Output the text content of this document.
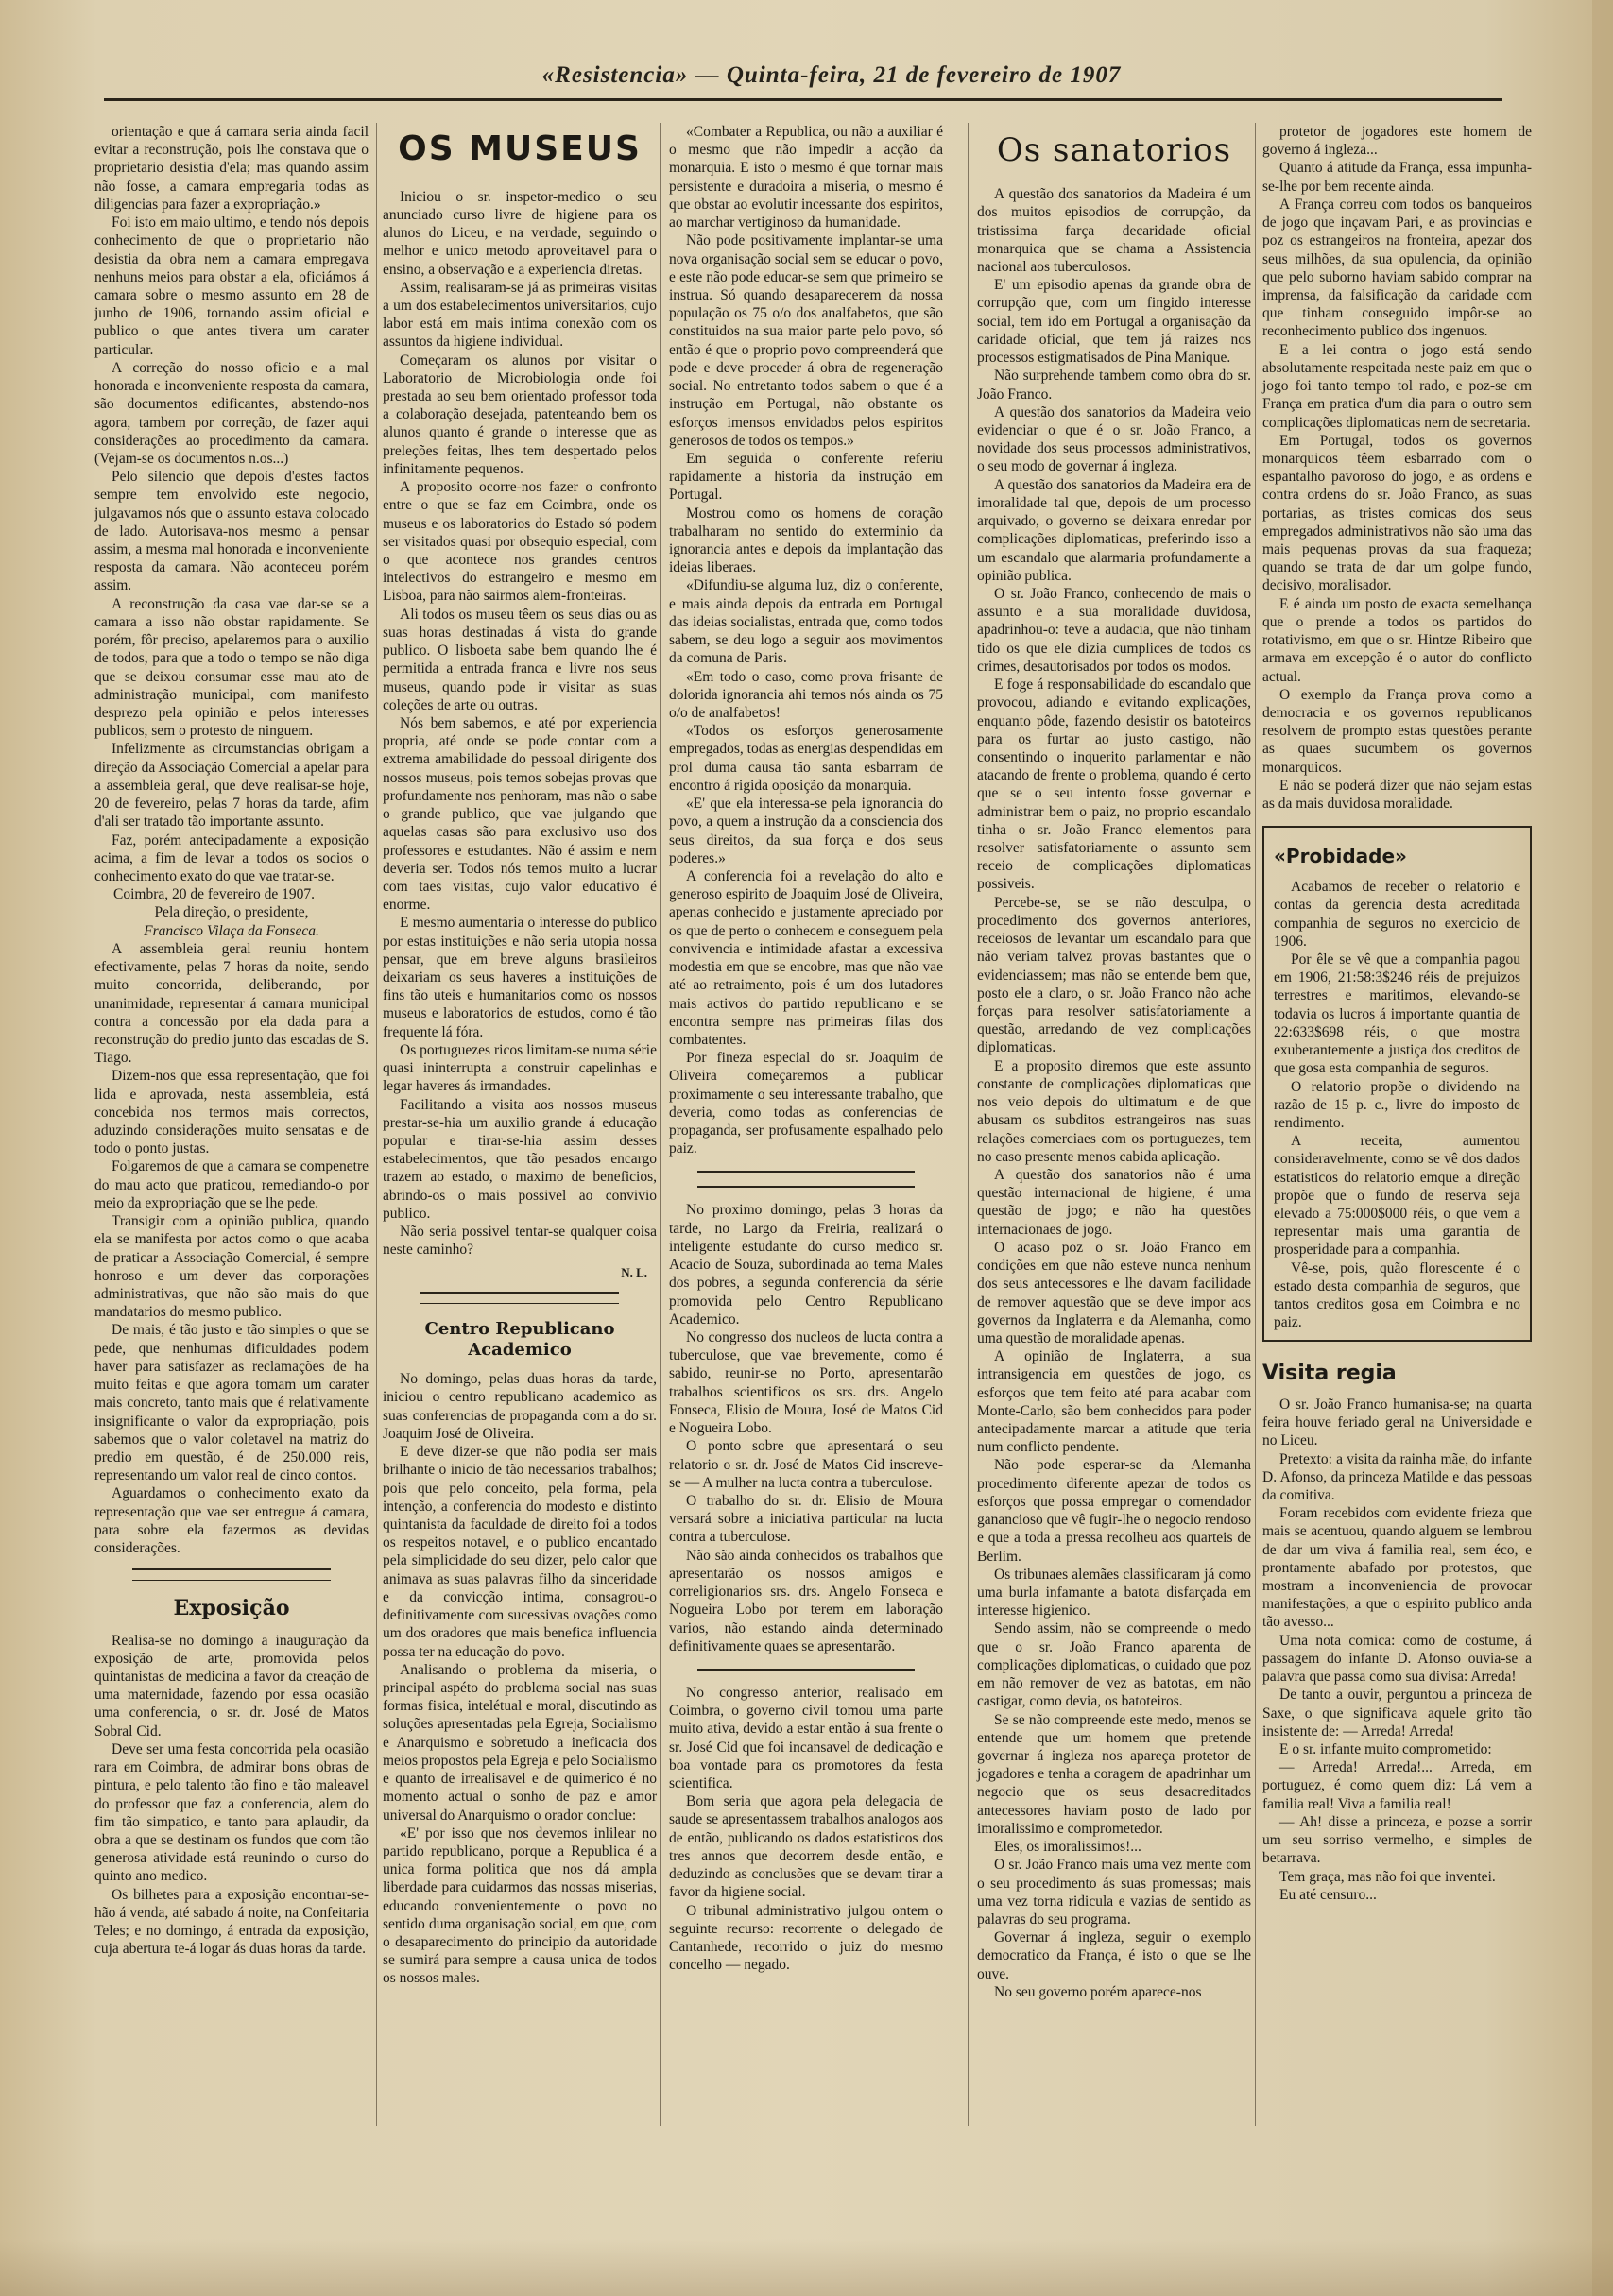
«Resistencia» — Quinta-feira, 21 de fevereiro de 1907

orientação e que á camara seria ainda facil evitar a reconstrução, pois lhe constava que o proprietario desistia d'ela; mas quando assim não fosse, a camara empregaria todas as diligencias para fazer a expropriação.»

Foi isto em maio ultimo, e tendo nós depois conhecimento de que o proprietario não desistia da obra nem a camara empregava nenhuns meios para obstar a ela, oficiámos á camara sobre o mesmo assunto em 28 de junho de 1906, tornando assim oficial e publico o que antes tivera um carater particular.

A correção do nosso oficio e a mal honorada e inconveniente resposta da camara, são documentos edificantes, abstendo-nos agora, tambem por correção, de fazer aqui considerações ao procedimento da camara. (Vejam-se os documentos n.os...)

Pelo silencio que depois d'estes factos sempre tem envolvido este negocio, julgavamos nós que o assunto estava colocado de lado. Autorisava-nos mesmo a pensar assim, a mesma mal honorada e inconveniente resposta da camara. Não aconteceu porém assim.

A reconstrução da casa vae dar-se se a camara a isso não obstar rapidamente. Se porém, fôr preciso, apelaremos para o auxilio de todos, para que a todo o tempo se não diga que se deixou consumar esse mau ato de administração municipal, com manifesto desprezo pela opinião e pelos interesses publicos, sem o protesto de ninguem.

Infelizmente as circumstancias obrigam a direção da Associação Comercial a apelar para a assembleia geral, que deve realisar-se hoje, 20 de fevereiro, pelas 7 horas da tarde, afim d'ali ser tratado tão importante assunto.

Faz, porém antecipadamente a exposição acima, a fim de levar a todos os socios o conhecimento exato do que vae tratar-se.

Coimbra, 20 de fevereiro de 1907.

Pela direção, o presidente,

Francisco Vilaça da Fonseca.

A assembleia geral reuniu hontem efectivamente, pelas 7 horas da noite, sendo muito concorrida, deliberando, por unanimidade, representar á camara municipal contra a concessão por ela dada para a reconstrução do predio junto das escadas de S. Tiago.

Dizem-nos que essa representação, que foi lida e aprovada, nesta assembleia, está concebida nos termos mais correctos, aduzindo considerações muito sensatas e de todo o ponto justas.

Folgaremos de que a camara se compenetre do mau acto que praticou, remediando-o por meio da expropriação que se lhe pede.

Transigir com a opinião publica, quando ela se manifesta por actos como o que acaba de praticar a Associação Comercial, é sempre honroso e um dever das corporações administrativas, que não são mais do que mandatarios do mesmo publico.

De mais, é tão justo e tão simples o que se pede, que nenhumas dificuldades podem haver para satisfazer as reclamações de ha muito feitas e que agora tomam um carater mais concreto, tanto mais que é relativamente insignificante o valor da expropriação, pois sabemos que o valor coletavel na matriz do predio em questão, é de 250.000 reis, representando um valor real de cinco contos.

Aguardamos o conhecimento exato da representação que vae ser entregue á camara, para sobre ela fazermos as devidas considerações.

Exposição

Realisa-se no domingo a inauguração da exposição de arte, promovida pelos quintanistas de medicina a favor da creação de uma maternidade, fazendo por essa ocasião uma conferencia, o sr. dr. José de Matos Sobral Cid.

Deve ser uma festa concorrida pela ocasião rara em Coimbra, de admirar bons obras de pintura, e pelo talento tão fino e tão maleavel do professor que faz a conferencia, alem do fim tão simpatico, e tanto para aplaudir, da obra a que se destinam os fundos que com tão generosa atividade está reunindo o curso do quinto ano medico.

Os bilhetes para a exposição encontrar-se-hão á venda, até sabado á noite, na Confeitaria Teles; e no domingo, á entrada da exposição, cuja abertura te-á logar ás duas horas da tarde.

OS MUSEUS

Iniciou o sr. inspetor-medico o seu anunciado curso livre de higiene para os alunos do Liceu, e na verdade, seguindo o melhor e unico metodo aproveitavel para o ensino, a observação e a experiencia diretas.

Assim, realisaram-se já as primeiras visitas a um dos estabelecimentos universitarios, cujo labor está em mais intima conexão com os assuntos da higiene individual.

Começaram os alunos por visitar o Laboratorio de Microbiologia onde foi prestada ao seu bem orientado professor toda a colaboração desejada, patenteando bem os alunos quanto é grande o interesse que as preleções feitas, lhes tem despertado pelos infinitamente pequenos.

A proposito ocorre-nos fazer o confronto entre o que se faz em Coimbra, onde os museus e os laboratorios do Estado só podem ser visitados quasi por obsequio especial, com o que acontece nos grandes centros intelectivos do estrangeiro e mesmo em Lisboa, para não sairmos alem-fronteiras.

Ali todos os museu têem os seus dias ou as suas horas destinadas á vista do grande publico. O lisboeta sabe bem quando lhe é permitida a entrada franca e livre nos seus museus, quando pode ir visitar as suas coleções de arte ou outras.

Nós bem sabemos, e até por experiencia propria, até onde se pode contar com a extrema amabilidade do pessoal dirigente dos nossos museus, pois temos sobejas provas que profundamente nos penhoram, mas não o sabe o grande publico, que vae julgando que aquelas casas são para exclusivo uso dos professores e estudantes. Não é assim e nem deveria ser. Todos nós temos muito a lucrar com taes visitas, cujo valor educativo é enorme.

E mesmo aumentaria o interesse do publico por estas instituições e não seria utopia nossa pensar, que em breve alguns brasileiros deixariam os seus haveres a instituições de fins tão uteis e humanitarios como os nossos museus e laboratorios de estudos, como é tão frequente lá fóra.

Os portuguezes ricos limitam-se numa série quasi ininterrupta a construir capelinhas e legar haveres ás irmandades.

Facilitando a visita aos nossos museus prestar-se-hia um auxilio grande á educação popular e tirar-se-hia assim desses estabelecimentos, que tão pesados encargo trazem ao estado, o maximo de beneficios, abrindo-os o mais possivel ao convivio publico.

Não seria possivel tentar-se qualquer coisa neste caminho?

N. L.
Centro Republicano Academico

No domingo, pelas duas horas da tarde, iniciou o centro republicano academico as suas conferencias de propaganda com a do sr. Joaquim José de Oliveira.

E deve dizer-se que não podia ser mais brilhante o inicio de tão necessarios trabalhos; pois que pelo conceito, pela forma, pela intenção, a conferencia do modesto e distinto quintanista da faculdade de direito foi a todos os respeitos notavel, e o publico encantado pela simplicidade do seu dizer, pelo calor que animava as suas palavras filho da sinceridade e da convicção intima, consagrou-o definitivamente com sucessivas ovações como um dos oradores que mais benefica influencia possa ter na educação do povo.

Analisando o problema da miseria, o principal aspéto do problema social nas suas formas fisica, intelétual e moral, discutindo as soluções apresentadas pela Egreja, Socialismo e Anarquismo e sobretudo a ineficacia dos meios propostos pela Egreja e pelo Socialismo e quanto de irrealisavel e de quimerico é no momento actual o sonho de paz e amor universal do Anarquismo o orador conclue:

«E' por isso que nos devemos inlilear no partido republicano, porque a Republica é a unica forma politica que nos dá ampla liberdade para cuidarmos das nossas miserias, educando convenientemente o povo no sentido duma organisação social, em que, com o desaparecimento do principio da autoridade se sumirá para sempre a causa unica de todos os nossos males.

«Combater a Republica, ou não a auxiliar é o mesmo que não impedir a acção da monarquia. E isto o mesmo é que tornar mais persistente e duradoira a miseria, o mesmo é que obstar ao evolutir incessante dos espiritos, ao marchar vertiginoso da humanidade.

Não pode positivamente implantar-se uma nova organisação social sem se educar o povo, e este não pode educar-se sem que primeiro se instrua. Só quando desaparecerem da nossa população os 75 o/o dos analfabetos, que são constituidos na sua maior parte pelo povo, só então é que o proprio povo compreenderá que pode e deve proceder á obra de regeneração social. No entretanto todos sabem o que é a instrução em Portugal, não obstante os esforços imensos envidados pelos espiritos generosos de todos os tempos.»

Em seguida o conferente referiu rapidamente a historia da instrução em Portugal.

Mostrou como os homens de coração trabalharam no sentido do exterminio da ignorancia antes e depois da implantação das ideias liberaes.

«Difundiu-se alguma luz, diz o conferente, e mais ainda depois da entrada em Portugal das ideias socialistas, entrada que, como todos sabem, se deu logo a seguir aos movimentos da comuna de Paris.

«Em todo o caso, como prova frisante de dolorida ignorancia ahi temos nós ainda os 75 o/o de analfabetos!

«Todos os esforços generosamente empregados, todas as energias despendidas em prol duma causa tão santa esbarram de encontro á rigida oposição da monarquia.

«E' que ela interessa-se pela ignorancia do povo, a quem a instrução da a consciencia dos seus direitos, da sua força e dos seus poderes.»

A conferencia foi a revelação do alto e generoso espirito de Joaquim José de Oliveira, apenas conhecido e justamente apreciado por os que de perto o conhecem e conseguem pela convivencia e intimidade afastar a excessiva modestia em que se encobre, mas que não vae até ao retraimento, pois é um dos lutadores mais activos do partido republicano e se encontra sempre nas primeiras filas dos combatentes.

Por fineza especial do sr. Joaquim de Oliveira começaremos a publicar proximamente o seu interessante trabalho, que deveria, como todas as conferencias de propaganda, ser profusamente espalhado pelo paiz.

No proximo domingo, pelas 3 horas da tarde, no Largo da Freiria, realizará o inteligente estudante do curso medico sr. Acacio de Souza, subordinada ao tema Males dos pobres, a segunda conferencia da série promovida pelo Centro Republicano Academico.

No congresso dos nucleos de lucta contra a tuberculose, que vae brevemente, como é sabido, reunir-se no Porto, apresentarão trabalhos scientificos os srs. drs. Angelo Fonseca, Elisio de Moura, José de Matos Cid e Nogueira Lobo.

O ponto sobre que apresentará o seu relatorio o sr. dr. José de Matos Cid inscreve-se — A mulher na lucta contra a tuberculose.

O trabalho do sr. dr. Elisio de Moura versará sobre a iniciativa particular na lucta contra a tuberculose.

Não são ainda conhecidos os trabalhos que apresentarão os nossos amigos e correligionarios srs. drs. Angelo Fonseca e Nogueira Lobo por terem em laboração varios, não estando ainda determinado definitivamente quaes se apresentarão.

No congresso anterior, realisado em Coimbra, o governo civil tomou uma parte muito ativa, devido a estar então á sua frente o sr. José Cid que foi incansavel de dedicação e boa vontade para os promotores da festa scientifica.

Bom seria que agora pela delegacia de saude se apresentassem trabalhos analogos aos de então, publicando os dados estatisticos dos tres annos que decorrem desde então, e deduzindo as conclusões que se devam tirar a favor da higiene social.

O tribunal administrativo julgou ontem o seguinte recurso: recorrente o delegado de Cantanhede, recorrido o juiz do mesmo concelho — negado.

Os sanatorios

A questão dos sanatorios da Madeira é um dos muitos episodios de corrupção, da tristissima farça decaridade oficial monarquica que se chama a Assistencia nacional aos tuberculosos.

E' um episodio apenas da grande obra de corrupção que, com um fingido interesse social, tem ido em Portugal a organisação da caridade oficial, que tem já raizes nos processos estigmatisados de Pina Manique.

Não surprehende tambem como obra do sr. João Franco.

A questão dos sanatorios da Madeira veio evidenciar o que é o sr. João Franco, a novidade dos seus processos administrativos, o seu modo de governar á ingleza.

A questão dos sanatorios da Madeira era de imoralidade tal que, depois de um processo arquivado, o governo se deixara enredar por complicações diplomaticas, preferindo isso a um escandalo que alarmaria profundamente a opinião publica.

O sr. João Franco, conhecendo de mais o assunto e a sua moralidade duvidosa, apadrinhou-o: teve a audacia, que não tinham tido os que ele dizia cumplices de todos os crimes, desautorisados por todos os modos.

E foge á responsabilidade do escandalo que provocou, adiando e evitando explicações, enquanto pôde, fazendo desistir os batoteiros para os furtar ao justo castigo, não consentindo o inquerito parlamentar e não atacando de frente o problema, quando é certo que se o seu intento fosse governar e administrar bem o paiz, no proprio escandalo tinha o sr. João Franco elementos para resolver satisfatoriamente o assunto sem receio de complicações diplomaticas possiveis.

Percebe-se, se se não desculpa, o procedimento dos governos anteriores, receiosos de levantar um escandalo para que não veriam talvez provas bastantes que o evidenciassem; mas não se entende bem que, posto ele a claro, o sr. João Franco não ache forças para resolver satisfatoriamente a questão, arredando de vez complicações diplomaticas.

E a proposito diremos que este assunto constante de complicações diplomaticas que nos veio depois do ultimatum e de que abusam os subditos estrangeiros nas suas relações comerciaes com os portuguezes, tem no caso presente menos cabida aplicação.

A questão dos sanatorios não é uma questão internacional de higiene, é uma questão de jogo; e não ha questões internacionaes de jogo.

O acaso poz o sr. João Franco em condições em que não esteve nunca nenhum dos seus antecessores e lhe davam facilidade de remover aquestão que se deve impor aos governos da Inglaterra e da Alemanha, como uma questão de moralidade apenas.

A opinião de Inglaterra, a sua intransigencia em questões de jogo, os esforços que tem feito até para acabar com Monte-Carlo, são bem conhecidos para poder antecipadamente marcar a atitude que teria num conflicto pendente.

Não pode esperar-se da Alemanha procedimento diferente apezar de todos os esforços que possa empregar o comendador ganancioso que vê fugir-lhe o negocio rendoso e que a toda a pressa recolheu aos quarteis de Berlim.

Os tribunaes alemães classificaram já como uma burla infamante a batota disfarçada em interesse higienico.

Sendo assim, não se compreende o medo que o sr. João Franco aparenta de complicações diplomaticas, o cuidado que poz em não remover de vez as batotas, em não castigar, como devia, os batoteiros.

Se se não compreende este medo, menos se entende que um homem que pretende governar á ingleza nos apareça protetor de jogadores e tenha a coragem de apadrinhar um negocio que os seus desacreditados antecessores haviam posto de lado por imoralissimo e comprometedor.

Eles, os imoralissimos!...

O sr. João Franco mais uma vez mente com o seu procedimento ás suas promessas; mais uma vez torna ridicula e vazias de sentido as palavras do seu programa.

Governar á ingleza, seguir o exemplo democratico da França, é isto o que se lhe ouve.

No seu governo porém aparece-nos

protetor de jogadores este homem de governo á ingleza...

Quanto á atitude da França, essa impunha-se-lhe por bem recente ainda.

A França correu com todos os banqueiros de jogo que inçavam Pari, e as provincias e poz os estrangeiros na fronteira, apezar dos seus milhões, da sua opulencia, da opinião que pelo suborno haviam sabido comprar na imprensa, da falsificação da caridade com que tinham conseguido impôr-se ao reconhecimento publico dos ingenuos.

E a lei contra o jogo está sendo absolutamente respeitada neste paiz em que o jogo foi tanto tempo tol rado, e poz-se em França em pratica d'um dia para o outro sem complicações diplomaticas nem de secretaria.

Em Portugal, todos os governos monarquicos têem esbarrado com o espantalho pavoroso do jogo, e as ordens e contra ordens do sr. João Franco, as suas portarias, as tristes comicas dos seus empregados administrativos não são uma das mais pequenas provas da sua fraqueza; quando se trata de dar um golpe fundo, decisivo, moralisador.

E é ainda um posto de exacta semelhança que o prende a todos os partidos do rotativismo, em que o sr. Hintze Ribeiro que armava em excepção é o autor do conflicto actual.

O exemplo da França prova como a democracia e os governos republicanos resolvem de prompto estas questões perante as quaes sucumbem os governos monarquicos.

E não se poderá dizer que não sejam estas as da mais duvidosa moralidade.

«Probidade»

Acabamos de receber o relatorio e contas da gerencia desta acreditada companhia de seguros no exercicio de 1906.

Por êle se vê que a companhia pagou em 1906, 21:58:3$246 réis de prejuizos terrestres e maritimos, elevando-se todavia os lucros á importante quantia de 22:633$698 réis, o que mostra exuberantemente a justiça dos creditos de que gosa esta companhia de seguros.

O relatorio propõe o dividendo na razão de 15 p. c., livre do imposto de rendimento.

A receita, aumentou consideravelmente, como se vê dos dados estatisticos do relatorio emque a direção propõe que o fundo de reserva seja elevado a 75:000$000 réis, o que vem a representar mais uma garantia de prosperidade para a companhia.

Vê-se, pois, quão florescente é o estado desta companhia de seguros, que tantos creditos gosa em Coimbra e no paiz.

Visita regia

O sr. João Franco humanisa-se; na quarta feira houve feriado geral na Universidade e no Liceu.

Pretexto: a visita da rainha mãe, do infante D. Afonso, da princeza Matilde e das pessoas da comitiva.

Foram recebidos com evidente frieza que mais se acentuou, quando alguem se lembrou de dar um viva á familia real, sem éco, e prontamente abafado por protestos, que mostram a inconveniencia de provocar manifestações, a que o espirito publico anda tão avesso...

Uma nota comica: como de costume, á passagem do infante D. Afonso ouvia-se a palavra que passa como sua divisa: Arreda!

De tanto a ouvir, perguntou a princeza de Saxe, o que significava aquele grito tão insistente de: — Arreda! Arreda!

E o sr. infante muito comprometido:

— Arreda! Arreda!... Arreda, em portuguez, é como quem diz: Lá vem a familia real! Viva a familia real!

— Ah! disse a princeza, e pozse a sorrir um seu sorriso vermelho, e simples de betarrava.

Tem graça, mas não foi que inventei.

Eu até censuro...
